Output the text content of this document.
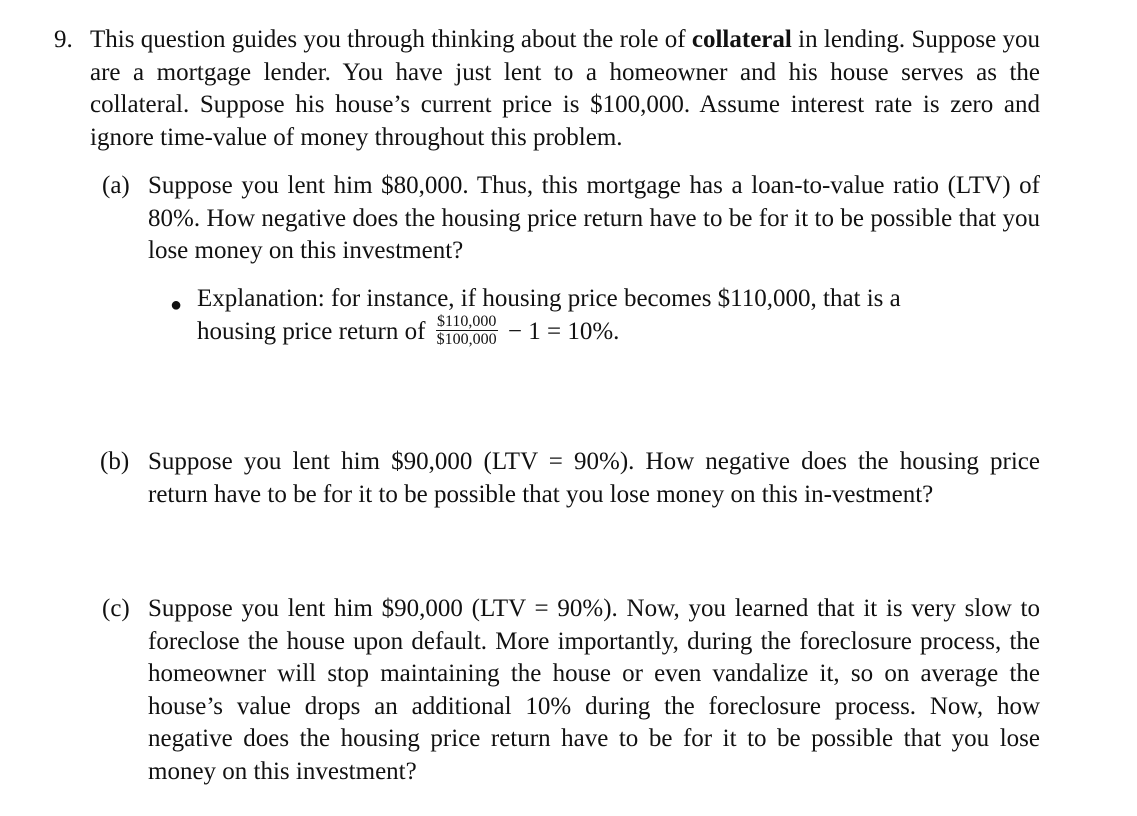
9. This question guides you through thinking about the role of collateral in lending. Suppose you are a mortgage lender. You have just lent to a homeowner and his house serves as the collateral. Suppose his house’s current price is $100,000. Assume interest rate is zero and ignore time-value of money throughout this problem.
(a) Suppose you lent him $80,000. Thus, this mortgage has a loan-to-value ratio (LTV) of 80%. How negative does the housing price return have to be for it to be possible that you lose money on this investment?
● Explanation: for instance, if housing price becomes $110,000, that is a
housing price return of $\frac{\$110,000}{\$100,000} - 1 = 10\%$.
(b) Suppose you lent him $90,000 (LTV = 90%). How negative does the housing price return have to be for it to be possible that you lose money on this in-vestment?
(c) Suppose you lent him $90,000 (LTV = 90%). Now, you learned that it is very slow to foreclose the house upon default. More importantly, during the foreclosure process, the homeowner will stop maintaining the house or even vandalize it, so on average the house’s value drops an additional 10% during the foreclosure process. Now, how negative does the housing price return have to be for it to be possible that you lose money on this investment?
